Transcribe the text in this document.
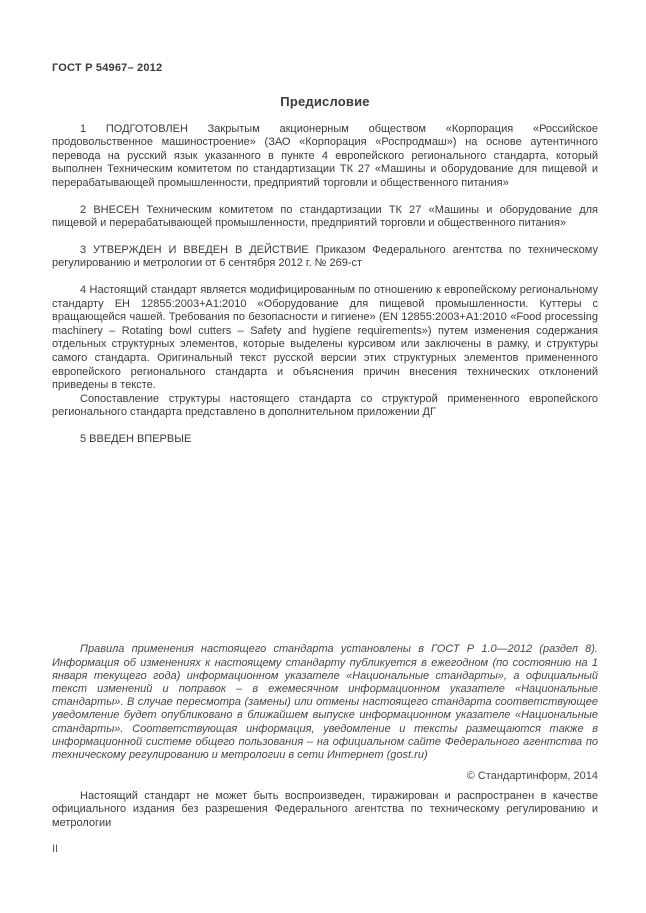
ГОСТ Р 54967– 2012
Предисловие

1 ПОДГОТОВЛЕН Закрытым акционерным обществом «Корпорация «Российское продовольственное машиностроение» (ЗАО «Корпорация «Роспродмаш») на основе аутентичного перевода на русский язык указанного в пункте 4 европейского регионального стандарта, который выполнен Техническим комитетом по стандартизации ТК 27 «Машины и оборудование для пищевой и перерабатывающей промышленности, предприятий торговли и общественного питания»

2 ВНЕСЕН Техническим комитетом по стандартизации ТК 27 «Машины и оборудование для пищевой и перерабатывающей промышленности, предприятий торговли и общественного питания»

3 УТВЕРЖДЕН И ВВЕДЕН В ДЕЙСТВИЕ Приказом Федерального агентства по техническому регулированию и метрологии от 6 сентября 2012 г. № 269-ст

4 Настоящий стандарт является модифицированным по отношению к европейскому региональному стандарту ЕН 12855:2003+А1:2010 «Оборудование для пищевой промышленности. Куттеры с вращающейся чашей. Требования по безопасности и гигиене» (EN 12855:2003+A1:2010 «Food processing machinery – Rotating bowl cutters – Safety and hygiene requirements») путем изменения содержания отдельных структурных элементов, которые выделены курсивом или заключены в рамку, и структуры самого стандарта. Оригинальный текст русской версии этих структурных элементов примененного европейского регионального стандарта и объяснения причин внесения технических отклонений приведены в тексте.

Сопоставление структуры настоящего стандарта со структурой примененного европейского регионального стандарта представлено в дополнительном приложении ДГ

5 ВВЕДЕН ВПЕРВЫЕ

Правила применения настоящего стандарта установлены в ГОСТ Р 1.0—2012 (раздел 8). Информация об изменениях к настоящему стандарту публикуется в ежегодном (по состоянию на 1 января текущего года) информационном указателе «Национальные стандарты», а официальный текст изменений и поправок – в ежемесячном информационном указателе «Национальные стандарты». В случае пересмотра (замены) или отмены настоящего стандарта соответствующее уведомление будет опубликовано в ближайшем выпуске информационном указателе «Национальные стандарты». Соответствующая информация, уведомление и тексты размещаются также в информационной системе общего пользования – на официальном сайте Федерального агентства по техническому регулированию и метрологии в сети Интернет (gost.ru)

© Стандартинформ, 2014

Настоящий стандарт не может быть воспроизведен, тиражирован и распространен в качестве официального издания без разрешения Федерального агентства по техническому регулированию и метрологии

II
